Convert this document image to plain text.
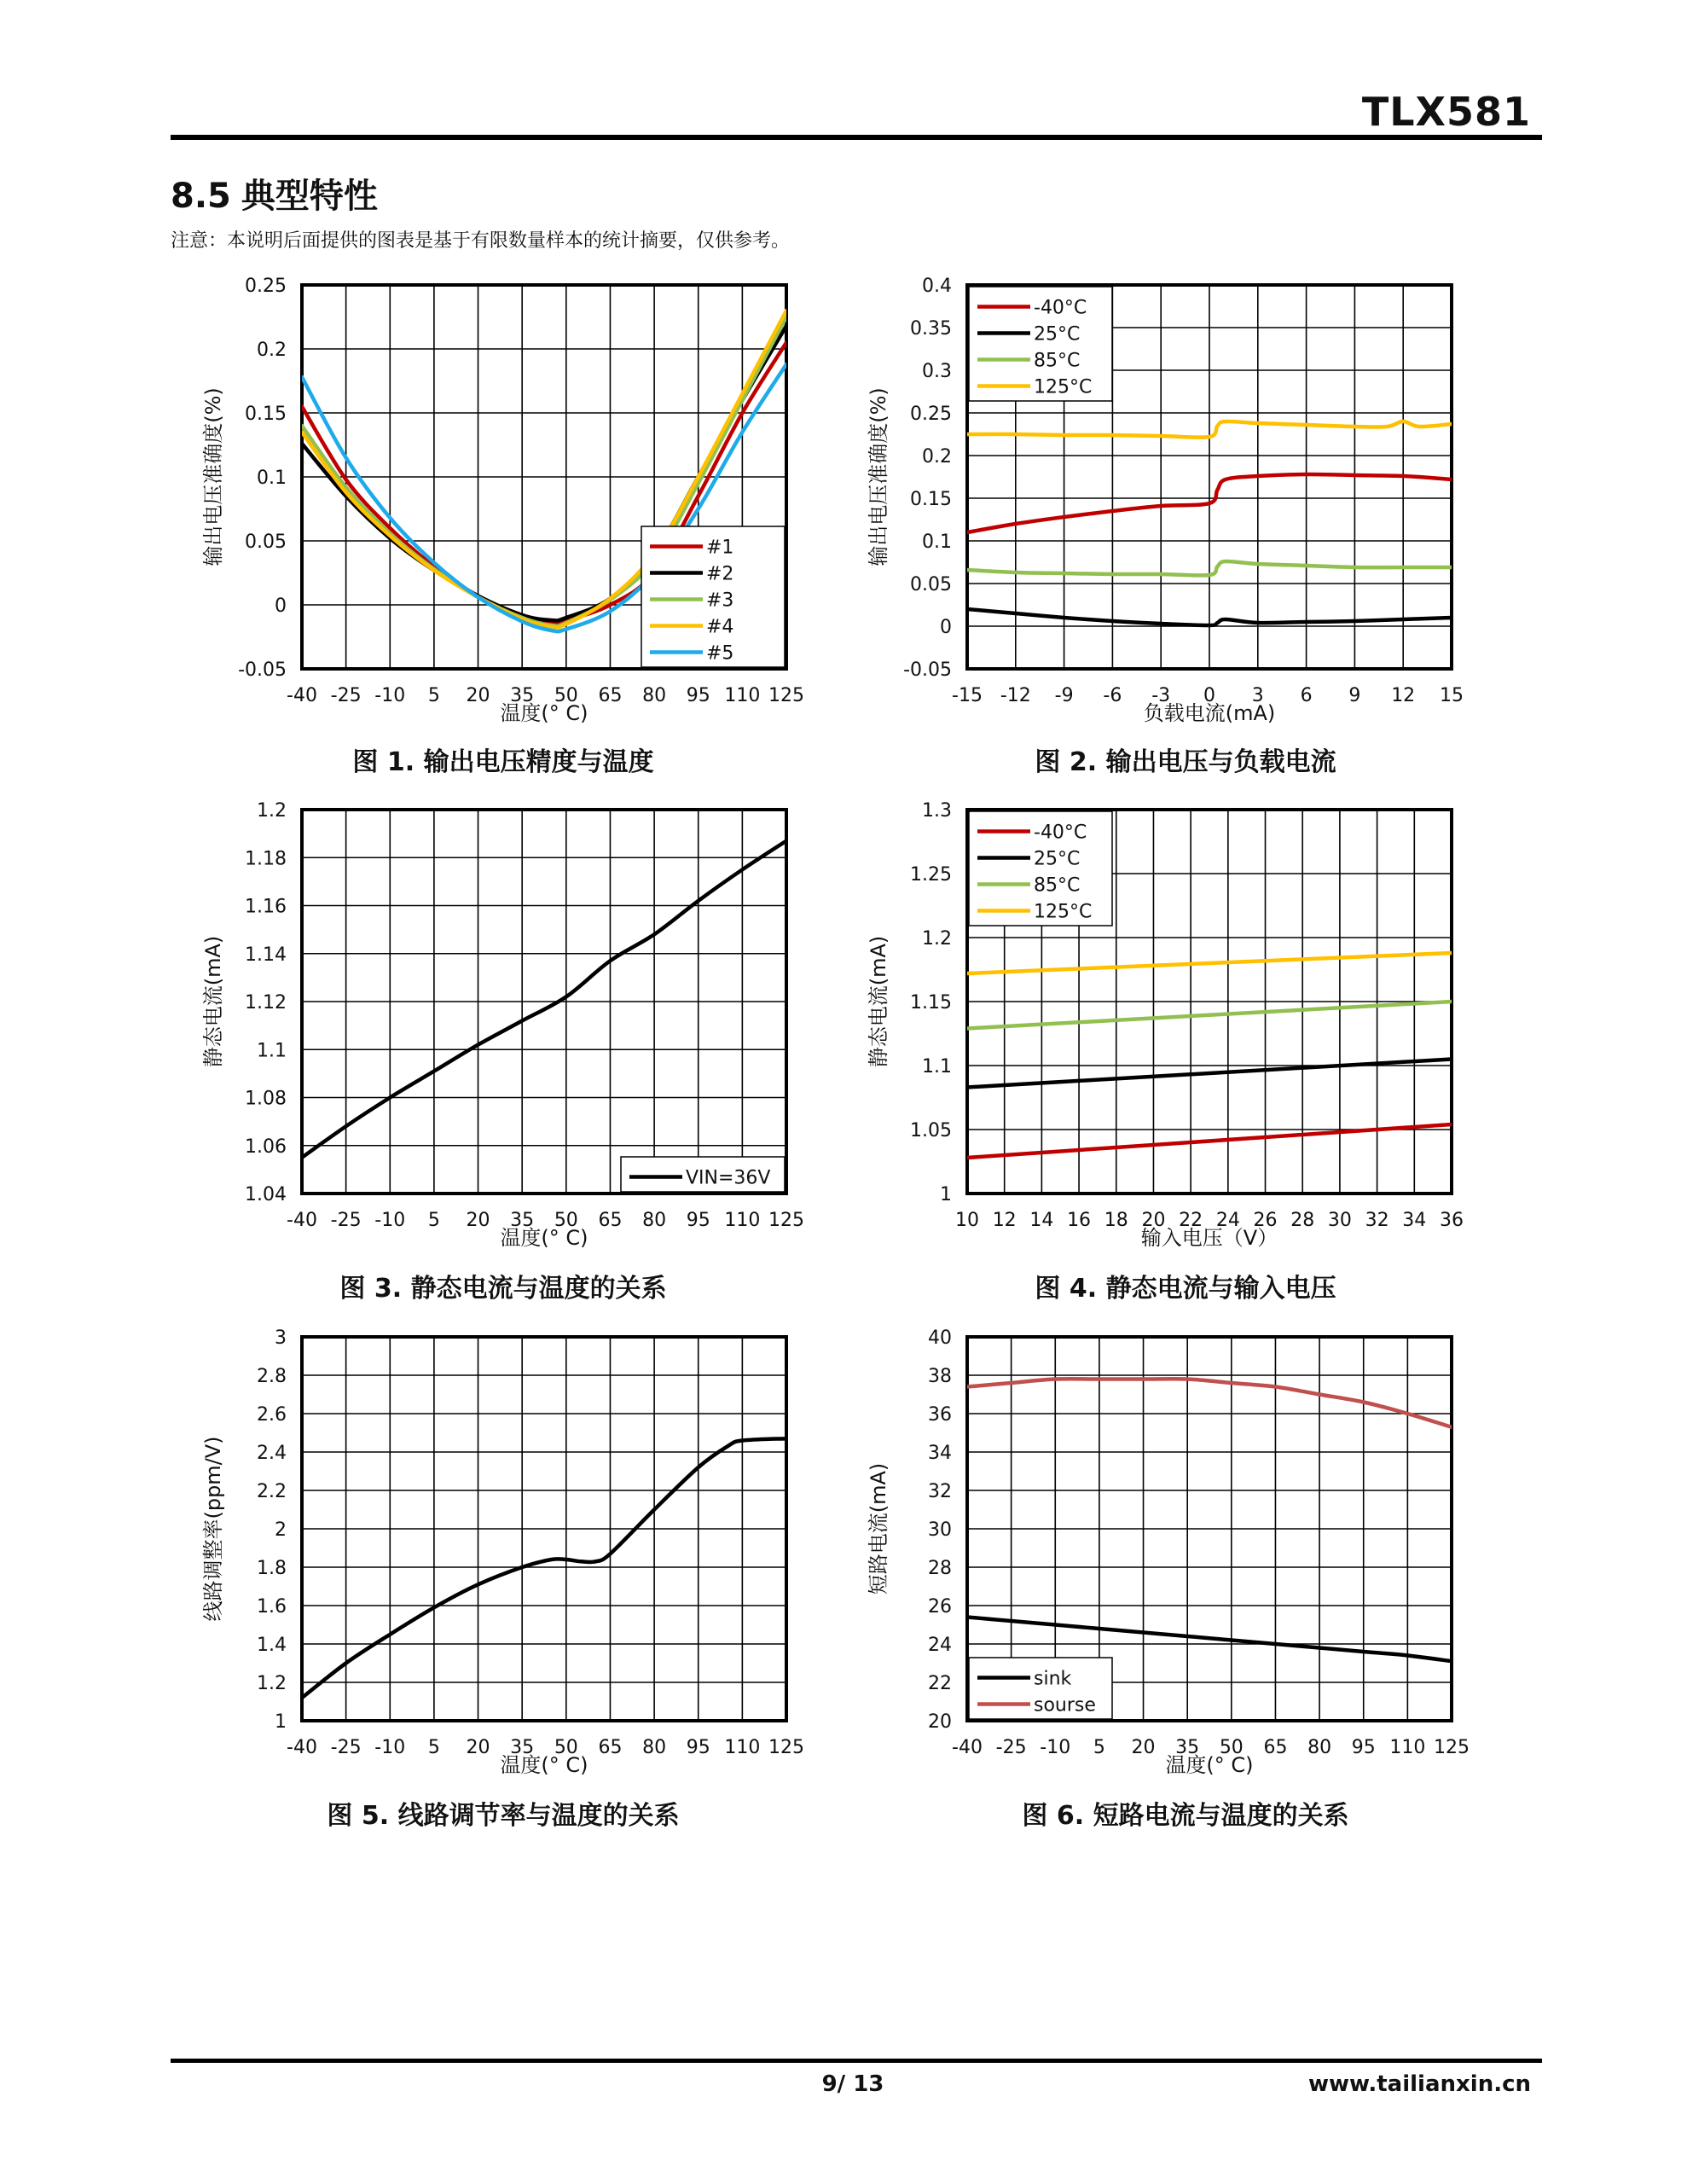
TLX581
8.5 典型特性
注意：本说明后面提供的图表是基于有限数量样本的统计摘要，仅供参考。
-40 -25 -10 5 20 35 50 65 80 95 110 125
-0.05
0
0.05
0.1
0.15
0.2
0.25
温度(° C)
输出电压准确度(%)	#1
#2
#3
#4
#5
图 1. 输出电压精度与温度
-15 -12 -9 -6 -3 0 3 6 9 12 15
-0.05
0
0.05
0.1
0.15
0.2
0.25
0.3
0.35
0.4
负载电流(mA)
输出电压准确度(%)
-40°C
25°C
85°C
125°C
图 2. 输出电压与负载电流
-40 -25 -10 5 20 35 50 65 80 95 110 125
1.04
1.06
1.08
1.1
1.12
1.14
1.16
1.18
1.2
温度(° C)
静态电流(mA)
VIN=36V
图 3. 静态电流与温度的关系
10 12 14 16 18 20 22 24 26 28 30 32 34 36
1
1.05
1.1
1.15
1.2
1.25
1.3
输入电压（V）
静态电流(mA)
-40°C
25°C
85°C
125°C
图 4. 静态电流与输入电压
-40 -25 -10 5 20 35 50 65 80 95 110 125
1
1.2
1.4
1.6
1.8
2
2.2
2.4
2.6
2.8
3
温度(° C)
线路调整率(ppm/V)
图 5. 线路调节率与温度的关系
-40 -25 -10 5 20 35 50 65 80 95 110 125
20
22
24
26
28
30
32
34
36
38
40
温度(° C)
短路电流(mA)
sink
sourse
图 6. 短路电流与温度的关系
9/ 13	www.tailianxin.cn
